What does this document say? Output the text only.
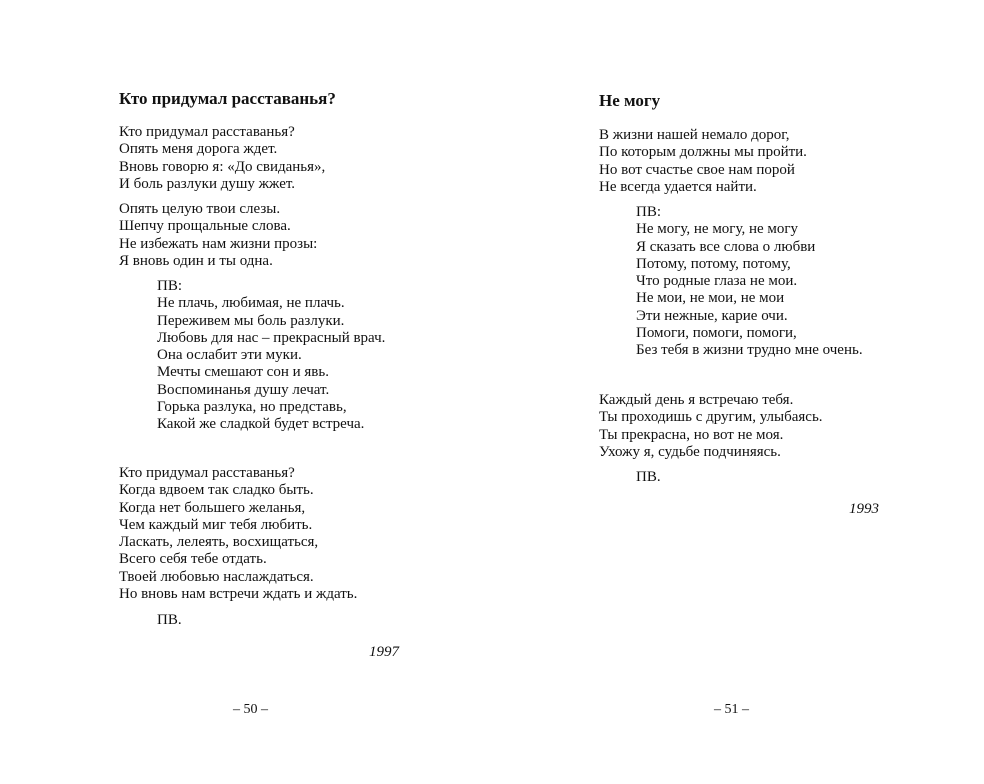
Кто придумал расставанья?
Кто придумал расставанья?
Опять меня дорога ждет.
Вновь говорю я: «До свиданья»,
И боль разлуки душу жжет.
Опять целую твои слезы.
Шепчу прощальные слова.
Не избежать нам жизни прозы:
Я вновь один и ты одна.
ПВ:
Не плачь, любимая, не плачь.
Переживем мы боль разлуки.
Любовь для нас – прекрасный врач.
Она ослабит эти муки.
Мечты смешают сон и явь.
Воспоминанья душу лечат.
Горька разлука, но представь,
Какой же сладкой будет встреча.
Кто придумал расставанья?
Когда вдвоем так сладко быть.
Когда нет большего желанья,
Чем каждый миг тебя любить.
Ласкать, лелеять, восхищаться,
Всего себя тебе отдать.
Твоей любовью наслаждаться.
Но вновь нам встречи ждать и ждать.
ПВ.
1997
– 50 –
Не могу
В жизни нашей немало дорог,
По которым должны мы пройти.
Но вот счастье свое нам порой
Не всегда удается найти.
ПВ:
Не могу, не могу, не могу
Я сказать все слова о любви
Потому, потому, потому,
Что родные глаза не мои.
Не мои, не мои, не мои
Эти нежные, карие очи.
Помоги, помоги, помоги,
Без тебя в жизни трудно мне очень.
Каждый день я встречаю тебя.
Ты проходишь с другим, улыбаясь.
Ты прекрасна, но вот не моя.
Ухожу я, судьбе подчиняясь.
ПВ.
1993
– 51 –
